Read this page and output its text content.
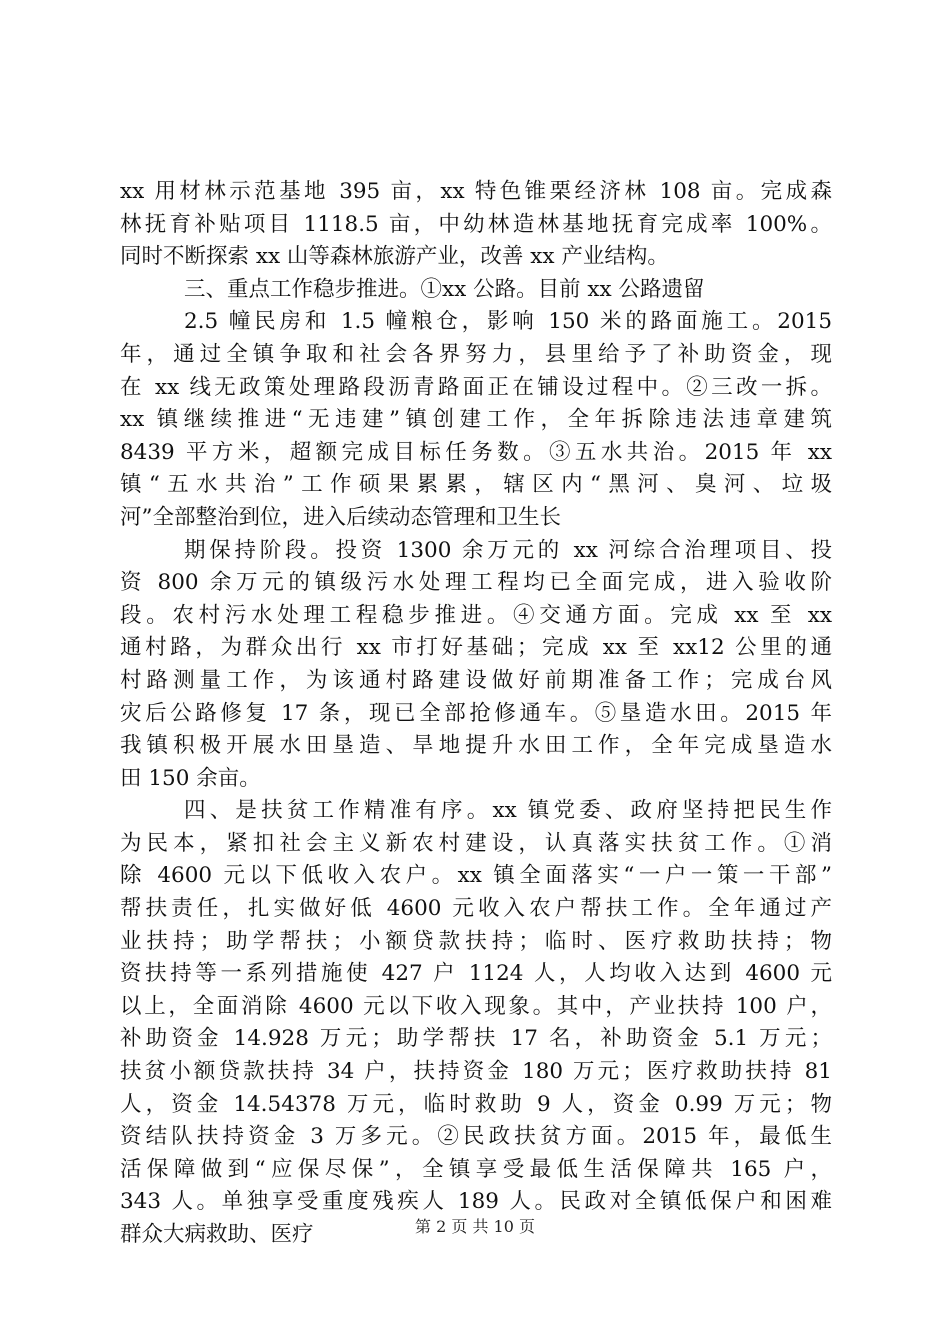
xx 用材林示范基地 395 亩，xx 特色锥栗经济林 108 亩。完成森
林抚育补贴项目 1118.5 亩，中幼林造林基地抚育完成率 100%。
同时不断探索 xx 山等森林旅游产业，改善 xx 产业结构。
三、重点工作稳步推进。①xx 公路。目前 xx 公路遗留
2.5 幢民房和 1.5 幢粮仓，影响 150 米的路面施工。2015
年，通过全镇争取和社会各界努力，县里给予了补助资金，现
在 xx 线无政策处理路段沥青路面正在铺设过程中。②三改一拆。
xx 镇继续推进“无违建”镇创建工作，全年拆除违法违章建筑
8439 平方米，超额完成目标任务数。③五水共治。2015 年 xx
镇“五水共治”工作硕果累累，辖区内“黑河、臭河、垃圾
河”全部整治到位，进入后续动态管理和卫生长
期保持阶段。投资 1300 余万元的 xx 河综合治理项目、投
资 800 余万元的镇级污水处理工程均已全面完成，进入验收阶
段。农村污水处理工程稳步推进。④交通方面。完成 xx 至 xx
通村路，为群众出行 xx 市打好基础；完成 xx 至 xx12 公里的通
村路测量工作，为该通村路建设做好前期准备工作；完成台风
灾后公路修复 17 条，现已全部抢修通车。⑤垦造水田。2015 年
我镇积极开展水田垦造、旱地提升水田工作，全年完成垦造水
田 150 余亩。
四、是扶贫工作精准有序。xx 镇党委、政府坚持把民生作
为民本，紧扣社会主义新农村建设，认真落实扶贫工作。①消
除 4600 元以下低收入农户。xx 镇全面落实“一户一策一干部”
帮扶责任，扎实做好低 4600 元收入农户帮扶工作。全年通过产
业扶持；助学帮扶；小额贷款扶持；临时、医疗救助扶持；物
资扶持等一系列措施使 427 户 1124 人，人均收入达到 4600 元
以上，全面消除 4600 元以下收入现象。其中，产业扶持 100 户，
补助资金 14.928 万元；助学帮扶 17 名，补助资金 5.1 万元；
扶贫小额贷款扶持 34 户，扶持资金 180 万元；医疗救助扶持 81
人，资金 14.54378 万元，临时救助 9 人，资金 0.99 万元；物
资结队扶持资金 3 万多元。②民政扶贫方面。2015 年，最低生
活保障做到“应保尽保”，全镇享受最低生活保障共 165 户，
343 人。单独享受重度残疾人 189 人。民政对全镇低保户和困难
群众大病救助、医疗	第 2 页 共 10 页
